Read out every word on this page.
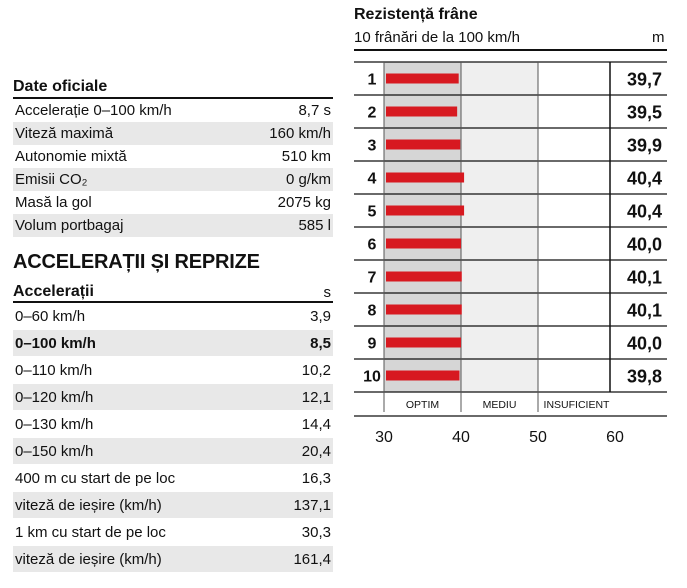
Date oficiale
Accelerație 0–100 km/h	8,7 s
Viteză maximă	160 km/h
Autonomie mixtă	510 km
Emisii CO₂	0 g/km
Masă la gol	2075 kg
Volum portbagaj	585 l
ACCELERAȚII ȘI REPRIZE
Accelerații	s
0–60 km/h	3,9
0–100 km/h	8,5
0–110 km/h	10,2
0–120 km/h	12,1
0–130 km/h	14,4
0–150 km/h	20,4
400 m cu start de pe loc	16,3
viteză de ieșire (km/h)	137,1
1 km cu start de pe loc	30,3
viteză de ieșire (km/h)	161,4
Rezistență frâne
10 frânări de la 100 km/h	m
1	39,7
2	39,5
3	39,9
4	40,4
5	40,4
6	40,0
7	40,1
8	40,1
9	40,0
10	39,8
OPTIM	MEDIU	INSUFICIENT
30	40	50	60
